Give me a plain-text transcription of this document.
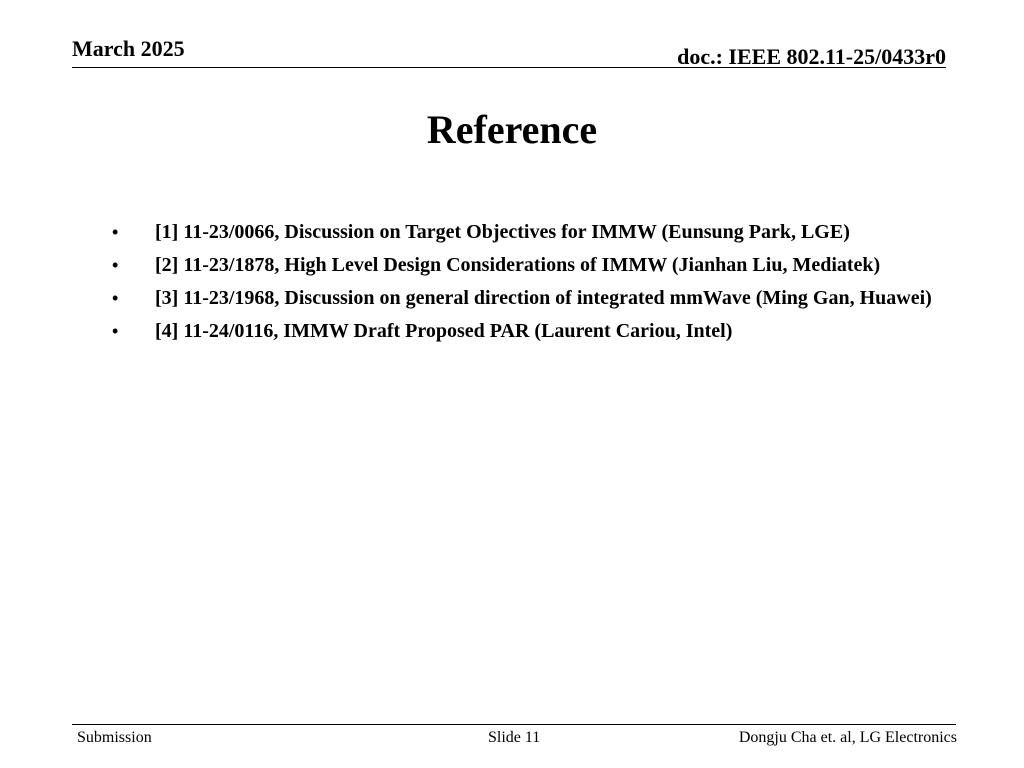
March 2025	doc.: IEEE 802.11-25/0433r0
Reference
• [1] 11-23/0066, Discussion on Target Objectives for IMMW (Eunsung Park, LGE)
• [2] 11-23/1878, High Level Design Considerations of IMMW (Jianhan Liu, Mediatek)
• [3] 11-23/1968, Discussion on general direction of integrated mmWave (Ming Gan, Huawei)
• [4] 11-24/0116, IMMW Draft Proposed PAR (Laurent Cariou, Intel)
Submission	Slide 11	Dongju Cha et. al, LG Electronics
